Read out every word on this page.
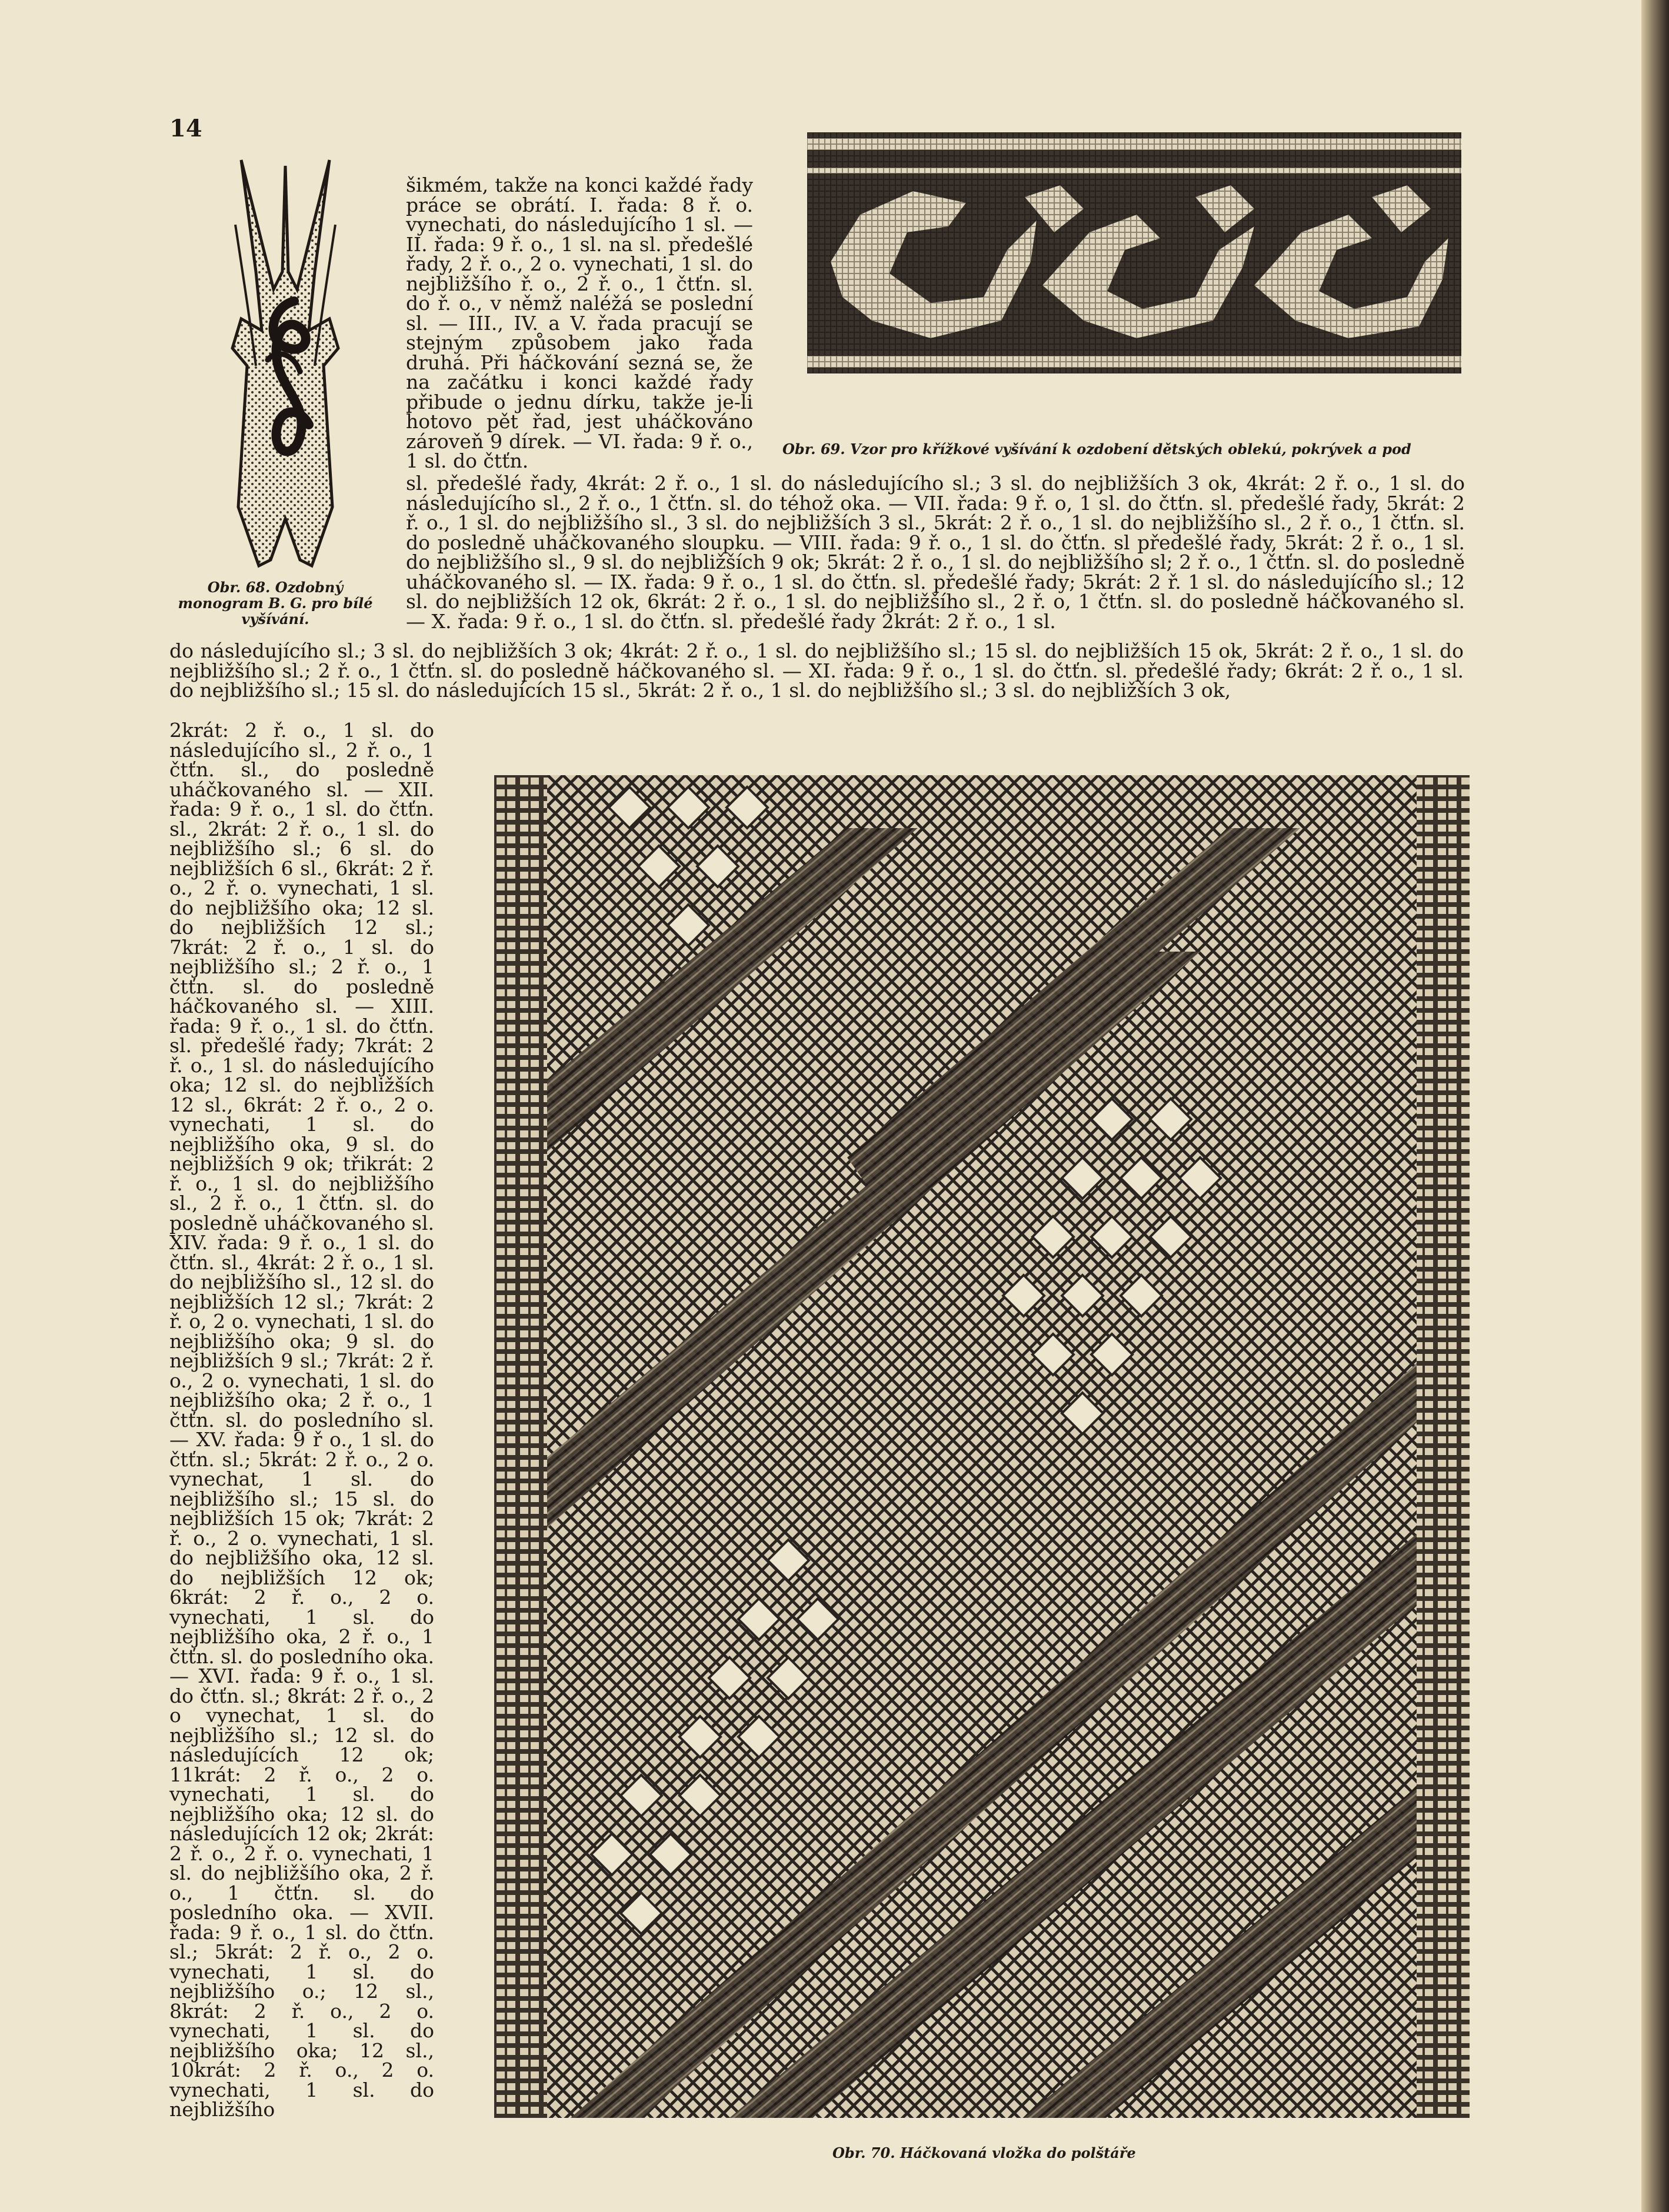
14

šikmém, takže na konci každé řady práce se obrátí. I. řada: 8 ř. o. vynechati, do následujícího 1 sl. — II. řada: 9 ř. o., 1 sl. na sl. předešlé řady, 2 ř. o., 2 o. vynechati, 1 sl. do nejbližšího ř. o., 2 ř. o., 1 čtťn. sl. do ř. o., v němž naléžá se poslední sl. — III., IV. a V. řada pracují se stejným způsobem jako řada druhá. Při háčkování sezná se, že na začátku i konci každé řady přibude o jednu dírku, takže je-li hotovo pět řad, jest uháčkováno zároveň 9 dírek. — VI. řada: 9 ř. o., 1 sl. do čtťn.

Obr. 69. Vzor pro křížkové vyšívání k ozdobení dětských oblekú, pokrývek a pod

sl. předešlé řady, 4krát: 2 ř. o., 1 sl. do následujícího sl.; 3 sl. do nejbližších 3 ok, 4krát: 2 ř. o., 1 sl. do následujícího sl., 2 ř. o., 1 čtťn. sl. do téhož oka. — VII. řada: 9 ř. o, 1 sl. do čtťn. sl. předešlé řady, 5krát: 2 ř. o., 1 sl. do nejbližšího sl., 3 sl. do nejbližších 3 sl., 5krát: 2 ř. o., 1 sl. do nejbližšího sl., 2 ř. o., 1 čtťn. sl. do posledně uháčkovaného sloupku. — VIII. řada: 9 ř. o., 1 sl. do čtťn. sl předešlé řady, 5krát: 2 ř. o., 1 sl. do nejbližšího sl., 9 sl. do nejbližších 9 ok; 5krát: 2 ř. o., 1 sl. do nejbližšího sl; 2 ř. o., 1 čtťn. sl. do posledně uháčkovaného sl. — IX. řada: 9 ř. o., 1 sl. do čtťn. sl. předešlé řady; 5krát: 2 ř. 1 sl. do následujícího sl.; 12 sl. do nejbližších 12 ok, 6krát: 2 ř. o., 1 sl. do nejbližšího sl., 2 ř. o, 1 čtťn. sl. do posledně háčkovaného sl. — X. řada: 9 ř. o., 1 sl. do čtťn. sl. předešlé řady 2krát: 2 ř. o., 1 sl.

Obr. 68. Ozdobný monogram B. G. pro bílé vyšívání.

do následujícího sl.; 3 sl. do nejbližších 3 ok; 4krát: 2 ř. o., 1 sl. do nejbližšího sl.; 15 sl. do nejbližších 15 ok, 5krát: 2 ř. o., 1 sl. do nejbližšího sl.; 2 ř. o., 1 čtťn. sl. do posledně háčkovaného sl. — XI. řada: 9 ř. o., 1 sl. do čtťn. sl. předešlé řady; 6krát: 2 ř. o., 1 sl. do nejbližšího sl.; 15 sl. do následujících 15 sl., 5krát: 2 ř. o., 1 sl. do nejbližšího sl.; 3 sl. do nejbližších 3 ok,

2krát: 2 ř. o., 1 sl. do následujícího sl., 2 ř. o., 1 čtťn. sl., do posledně uháčkovaného sl. — XII. řada: 9 ř. o., 1 sl. do čtťn. sl., 2krát: 2 ř. o., 1 sl. do nejbližšího sl.; 6 sl. do nejbližších 6 sl., 6krát: 2 ř. o., 2 ř. o. vynechati, 1 sl. do nejbližšího oka; 12 sl. do nejbližších 12 sl.; 7krát: 2 ř. o., 1 sl. do nejbližšího sl.; 2 ř. o., 1 čtťn. sl. do posledně háčkovaného sl. — XIII. řada: 9 ř. o., 1 sl. do čtťn. sl. předešlé řady; 7krát: 2 ř. o., 1 sl. do následujícího oka; 12 sl. do nejbližších 12 sl., 6krát: 2 ř. o., 2 o. vynechati, 1 sl. do nejbližšího oka, 9 sl. do nejbližších 9 ok; třikrát: 2 ř. o., 1 sl. do nejbližšího sl., 2 ř. o., 1 čtťn. sl. do posledně uháčkovaného sl. XIV. řada: 9 ř. o., 1 sl. do čtťn. sl., 4krát: 2 ř. o., 1 sl. do nejbližšího sl., 12 sl. do nejbližších 12 sl.; 7krát: 2 ř. o, 2 o. vynechati, 1 sl. do nejbližšího oka; 9 sl. do nejbližších 9 sl.; 7krát: 2 ř. o., 2 o. vynechati, 1 sl. do nejbližšího oka; 2 ř. o., 1 čtťn. sl. do posledního sl. — XV. řada: 9 ř o., 1 sl. do čtťn. sl.; 5krát: 2 ř. o., 2 o. vynechat, 1 sl. do nejbližšího sl.; 15 sl. do nejbližších 15 ok; 7krát: 2 ř. o., 2 o. vynechati, 1 sl. do nejbližšího oka, 12 sl. do nejbližších 12 ok; 6krát: 2 ř. o., 2 o. vynechati, 1 sl. do nejbližšího oka, 2 ř. o., 1 čtťn. sl. do posledního oka. — XVI. řada: 9 ř. o., 1 sl. do čtťn. sl.; 8krát: 2 ř. o., 2 o vynechat, 1 sl. do nejbližšího sl.; 12 sl. do následujících 12 ok; 11krát: 2 ř. o., 2 o. vynechati, 1 sl. do nejbližšího oka; 12 sl. do následujících 12 ok; 2krát: 2 ř. o., 2 ř. o. vynechati, 1 sl. do nejbližšího oka, 2 ř. o., 1 čtťn. sl. do posledního oka. — XVII. řada: 9 ř. o., 1 sl. do čtťn. sl.; 5krát: 2 ř. o., 2 o. vynechati, 1 sl. do nejbližšího o.; 12 sl., 8krát: 2 ř. o., 2 o. vynechati, 1 sl. do nejbližšího oka; 12 sl., 10krát: 2 ř. o., 2 o. vynechati, 1 sl. do nejbližšího

Obr. 70. Háčkovaná vložka do polštáře
